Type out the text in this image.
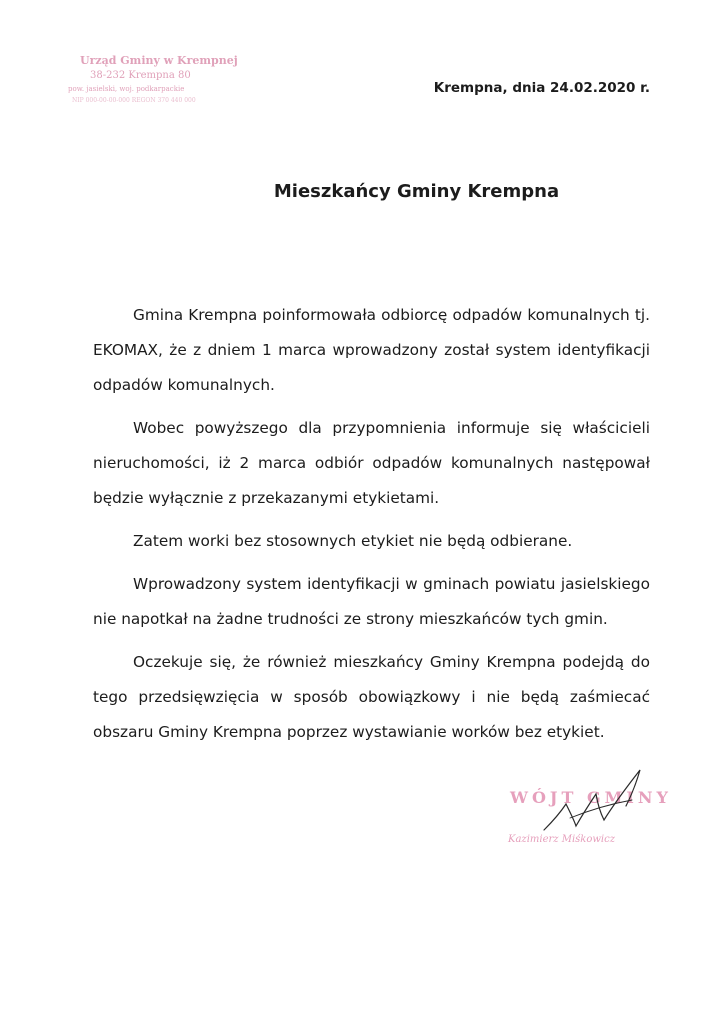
Urząd Gminy w Krempnej
38-232 Krempna 80
pow. jasielski, woj. podkarpackie
NIP 000-00-00-000 REGON 370 440 000
Krempna, dnia 24.02.2020 r.
Mieszkańcy Gminy Krempna

Gmina Krempna poinformowała odbiorcę odpadów komunalnych tj. EKOMAX, że z dniem 1 marca wprowadzony został system identyfikacji odpadów komunalnych.

Wobec powyższego dla przypomnienia informuje się właścicieli nieruchomości, iż 2 marca odbiór odpadów komunalnych następował będzie wyłącznie z przekazanymi etykietami.

Zatem worki bez stosownych etykiet nie będą odbierane.

Wprowadzony system identyfikacji w gminach powiatu jasielskiego nie napotkał na żadne trudności ze strony mieszkańców tych gmin.

Oczekuje się, że również mieszkańcy Gminy Krempna podejdą do tego przedsięwzięcia w sposób obowiązkowy i nie będą zaśmiecać obszaru Gminy Krempna poprzez wystawianie worków bez etykiet.

WÓJT GMINY
Kazimierz Miśkowicz
